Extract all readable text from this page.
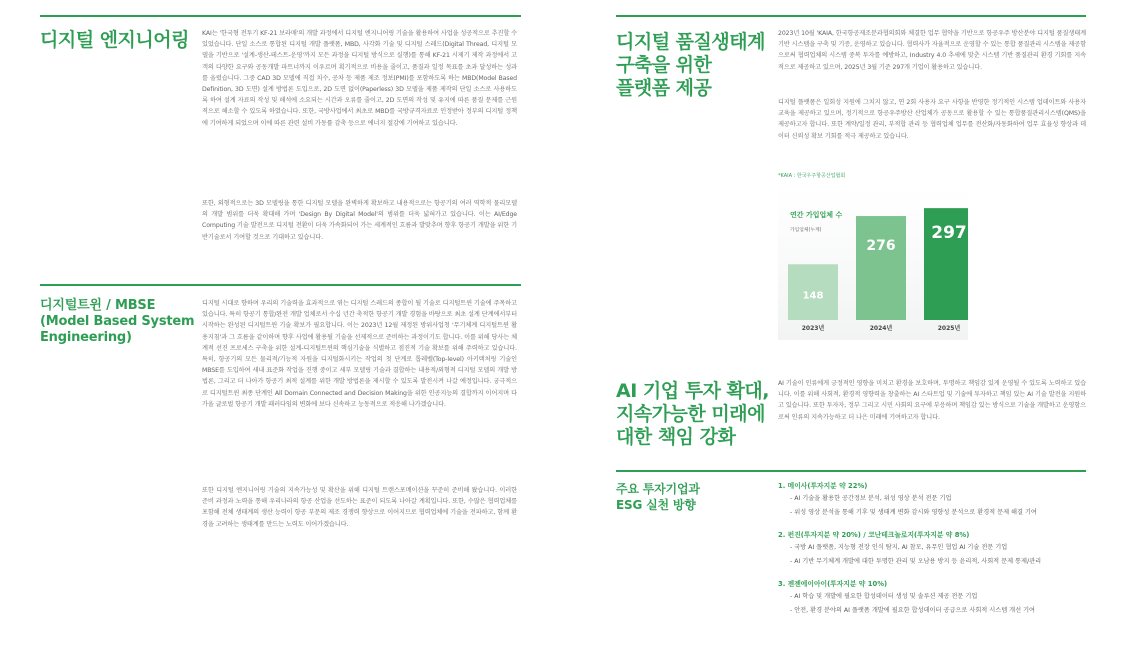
디지털 엔지니어링	KAI는 '한국형 전투기 KF-21 보라매'의 개발 과정에서 디지털 엔지니어링 기술을 활용하여 사업을 성공적으로 추진할 수 있었습니다. 단일 소스로 통합된 디지털 개발 플랫폼, MBD, 사각화 기술 및 디지털 스레드(Digital Thread, 디지털 모델을 기반으로 '설계-생산-테스트-운영'까지 모든 과정을 디지털 방식으로 실행)를 통해 KF-21 시제기 제작 과정에서 고객의 다양한 요구와 공동개발 파트너까지 이우르며 획기적으로 비용을 줄이고, 품질과 일정 목표를 초과 달성하는 성과를 올렸습니다. 그중 CAD 3D 모델에 직접 치수, 공차 등 제품 제조 정보(PMI)를 포함하도록 하는 MBD(Model Based Definition, 3D 도면) 설계 방법론 도입으로, 2D 도면 없이(Paperless) 3D 모델을 제품 제작의 단일 소스로 사용하도록 하여 설계 자료의 작성 및 해석에 소요되는 시간과 오류를 줄이고, 2D 도면의 작성 및 유지에 따른 품질 문제를 근원적으로 해소할 수 있도록 하였습니다. 또한, 국방사업에서 최초로 MBD를 국방규격자료로 인정받아 정부의 디지털 정책에 기여하게 되었으며 이에 따른 관련 설비 가동률 감축 등으로 에너지 절감에 기여하고 있습니다.

또한, 외형적으로는 3D 모델링을 통한 디지털 모델을 완벽하게 확보하고 내용적으로는 항공기의 여러 역학적 물리모델의 개발 범위를 더욱 확대해 가며 'Design By Digital Model'의 범위를 더욱 넓혀가고 있습니다. 이는 AI/Edge Computing 기술 발전으로 디지털 전환이 더욱 가속화되어 가는 세계적인 흐름과 발맞추며 향후 항공기 개발을 위한 기반기술로서 기여할 것으로 기대하고 있습니다.

디지털트윈 / MBSE
(Model Based System
Engineering)

디지털 시대로 향하며 우리의 기술력을 효과적으로 엮는 디지털 스레드의 종합이 될 기술로 디지털트윈 기술에 주목하고 있습니다. 특히 항공기 통합/완전 개발 업체로서 수십 년간 축적한 항공기 개발 경험을 바탕으로 최초 설계 단계에서부터 시작하는 완성된 디지털트윈 기술 확보가 필요합니다. 이는 2023년 12월 제정된 방위사업청 '무기체계 디지털트윈 활용지침'과 그 흐름을 같이하며 향후 사업에 활용될 기술을 선제적으로 준비하는 과정이기도 합니다. 이를 위해 당사는 체계적 선진 프로세스 구축을 위한 설계-디지털트윈의 핵심기술을 식별하고 점진적 기술 확보를 위해 주력하고 있습니다. 특히, 항공기의 모든 물리적/기능적 자원을 디지털화시키는 작업의 첫 단계로 톱레벨(Top-level) 아키텍처링 기술인 MBSE를 도입하여 새내 표준화 작업을 진행 중이고 세부 모델링 기술과 결합하는 내용적/외형적 디지털 모델의 개발 방법론, 그리고 더 나아가 항공기 최적 설계를 위한 개발 방법론을 제시할 수 있도록 발전시켜 나갈 예정입니다. 궁극적으로 디지털트윈 최종 단계인 All Domain Connected and Decision Making을 위한 인공지능의 결합까지 이어지며 다가올 글로벌 항공기 개발 패러다임의 변화에 보다 신속하고 능동적으로 적응해 나가겠습니다.

또한 디지털 엔지니어링 기술의 지속가능성 및 확산을 위해 디지털 트랜스포메이션을 꾸준히 준비해 왔습니다. 이러한 준비 과정과 노력을 통해 우리나라의 항공 산업을 선도하는 표준이 되도록 나아갈 계획입니다. 또한, 수많은 협력업체를 포함해 전체 생태계의 생산 능력이 항공 부문의 제조 경쟁력 향상으로 이어지므로 협력업체에 기술을 전파하고, 함께 환경을 고려하는 생태계를 만드는 노력도 이어가겠습니다.

디지털 품질생태계
구축을 위한
플랫폼 제공

2023년 10월 'KAIA, 한국항공제조분과협의회와 체결한 업무 협약을 기반으로 항공우주 방산분야 디지털 품질생태계 기반 시스템을 구축 및 기증, 운영하고 있습니다. 협력사가 자율적으로 운영할 수 있는 통합 품질관리 시스템을 제공함으로써 협력업체의 시스템 중복 투자를 예방하고, Industry 4.0 추세에 맞춘 시스템 기반 품질관리 환경 기회를 지속적으로 제공하고 있으며, 2025년 3월 기준 297개 기업이 활용하고 있습니다.

디지털 플랫폼은 일회성 지원에 그치지 않고, 연 2회 사용자 요구 사항을 반영한 정기적인 시스템 업데이트와 사용자 교육을 제공하고 있으며, 정기적으로 항공우주방산 산업체가 공동으로 활용할 수 있는 통합품질관리시스템(QMS)을 제공하고자 합니다. 또한 계약/일정 관리, 부적합 관리 등 협력업체 업무를 전산화/자동화하여 업무 효율성 향상과 데이터 신뢰성 확보 기회를 적극 제공하고 있습니다.

*KAIA : 한국우주항공산업협회
148
2023년
276
2024년
297
2025년
연간 가입업체 수
가입업체(누계)
AI 기업 투자 확대,
지속가능한 미래에
대한 책임 강화

AI 기술이 인류에게 긍정적인 영향을 미치고 환경을 보호하며, 투명하고 책임감 있게 운영될 수 있도록 노력하고 있습니다. 이를 위해 사회적, 환경적 영향력을 창출하는 AI 스타트업 및 기술에 투자하고 책임 있는 AI 기술 발전을 지원하고 있습니다. 또한 투자자, 정부 그리고 시민 사회의 요구에 부응하며 책임감 있는 방식으로 기술을 개발하고 운영함으로써 인류의 지속가능하고 더 나은 미래에 기여하고자 합니다.

주요 투자기업과
ESG 실천 방향
1. 메이사(투자지분 약 22%)
- AI 기술을 활용한 공간정보 분석, 위성 영상 분석 전문 기업
- 위성 영상 분석을 통해 기후 및 생태계 변화 감시와 영향성 분석으로 환경적 문제 해결 기여
2. 펀진(투자지분 약 20%) / 코난테크놀로지(투자지분 약 8%)
- 국방 AI 플랫폼, 지능형 전장 인식 탐지, AI 참모, 유무인 협업 AI 기술 전문 기업
- AI 기반 무기체계 개발에 대한 투명한 관리 및 오남용 방지 등 윤리적, 사회적 문제 통제/관리
3. 젠젠에이아이(투자지분 약 10%)
- AI 학습 및 개발에 필요한 합성데이터 생성 및 솔루션 제공 전문 기업
- 안전, 환경 분야의 AI 플랫폼 개발에 필요한 합성데이터 공급으로 사회적 시스템 개선 기여
